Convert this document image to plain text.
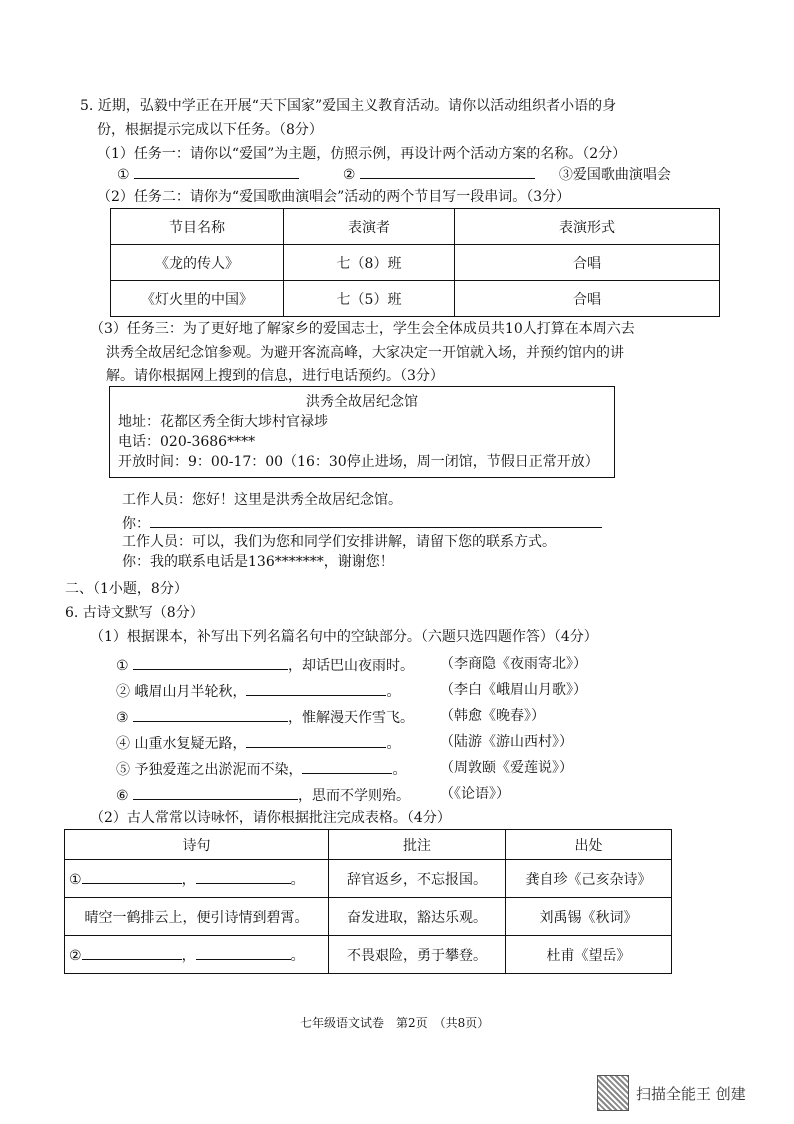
5. 近期，弘毅中学正在开展“天下国家”爱国主义教育活动。请你以活动组织者小语的身
份，根据提示完成以下任务。（8分）
（1）任务一：请你以“爱国”为主题，仿照示例，再设计两个活动方案的名称。（2分）
①	②	③爱国歌曲演唱会
（2）任务二：请你为“爱国歌曲演唱会”活动的两个节目写一段串词。（3分）
节目名称	表演者	表演形式
《龙的传人》	七（8）班	合唱
《灯火里的中国》	七（5）班	合唱
（3）任务三：为了更好地了解家乡的爱国志士，学生会全体成员共10人打算在本周六去
洪秀全故居纪念馆参观。为避开客流高峰，大家决定一开馆就入场，并预约馆内的讲
解。请你根据网上搜到的信息，进行电话预约。（3分）
洪秀全故居纪念馆
地址：花都区秀全街大埗村官禄埗
电话：020-3686****
开放时间：9：00-17：00（16：30停止进场，周一闭馆，节假日正常开放）
工作人员：您好！这里是洪秀全故居纪念馆。
你：
工作人员：可以，我们为您和同学们安排讲解，请留下您的联系方式。
你：我的联系电话是136*******，谢谢您！
二、（1小题，8分）
6. 古诗文默写（8分）
（1）根据课本，补写出下列名篇名句中的空缺部分。（六题只选四题作答）（4分）
①	，却话巴山夜雨时。 （李商隐《夜雨寄北》）
② 峨眉山月半轮秋，	。	（李白《峨眉山月歌》）
③	，惟解漫天作雪飞。 （韩愈《晚春》）
④ 山重水复疑无路，	。	（陆游《游山西村》）
⑤ 予独爱莲之出淤泥而不染，	。 （周敦颐《爱莲说》）
⑥	，思而不学则殆。 （《论语》）
（2）古人常常以诗咏怀，请你根据批注完成表格。（4分）
诗句	批注	出处
① ， 。	辞官返乡，不忘报国。	龚自珍《己亥杂诗》
晴空一鹤排云上，便引诗情到碧霄。	奋发进取，豁达乐观。	刘禹锡《秋词》
② ， 。	不畏艰险，勇于攀登。	杜甫《望岳》
七年级语文试卷　第2页　（共8页）
扫描全能王 创建
